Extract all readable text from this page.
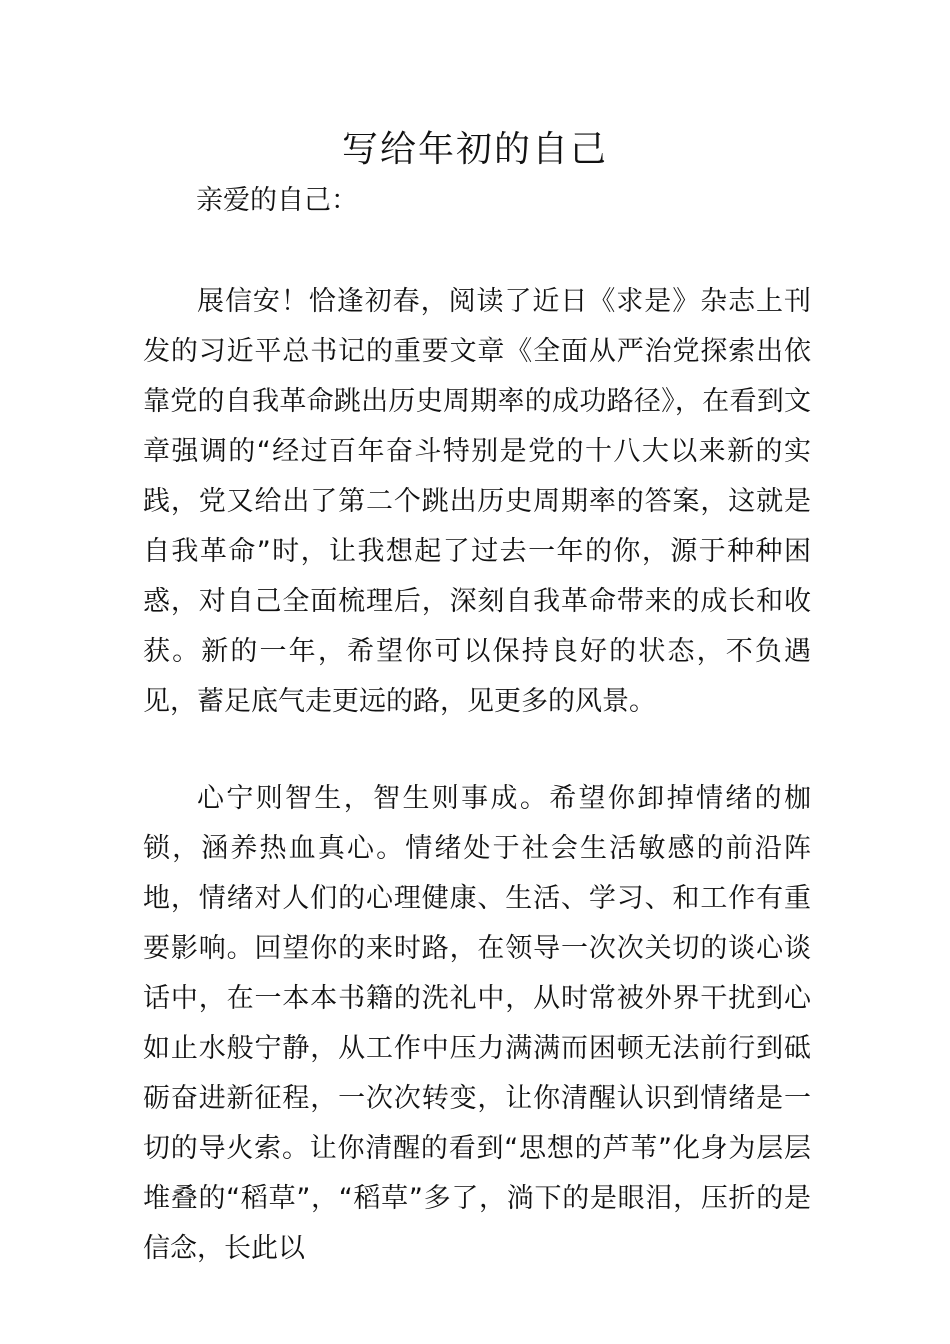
写给年初的自己
亲爱的自己：

展信安！恰逢初春，阅读了近日《求是》杂志上刊发的习近平总书记的重要文章《全面从严治党探索出依靠党的自我革命跳出历史周期率的成功路径》，在看到文章强调的“经过百年奋斗特别是党的十八大以来新的实践，党又给出了第二个跳出历史周期率的答案，这就是自我革命”时，让我想起了过去一年的你，源于种种困惑，对自己全面梳理后，深刻自我革命带来的成长和收获。新的一年，希望你可以保持良好的状态，不负遇见，蓄足底气走更远的路，见更多的风景。

心宁则智生，智生则事成。希望你卸掉情绪的枷锁，涵养热血真心。情绪处于社会生活敏感的前沿阵地，情绪对人们的心理健康、生活、学习、和工作有重要影响。回望你的来时路，在领导一次次关切的谈心谈话中，在一本本书籍的洗礼中，从时常被外界干扰到心如止水般宁静，从工作中压力满满而困顿无法前行到砥砺奋进新征程，一次次转变，让你清醒认识到情绪是一切的导火索。让你清醒的看到“思想的芦苇”化身为层层堆叠的“稻草”，“稻草”多了，淌下的是眼泪，压折的是信念，长此以
